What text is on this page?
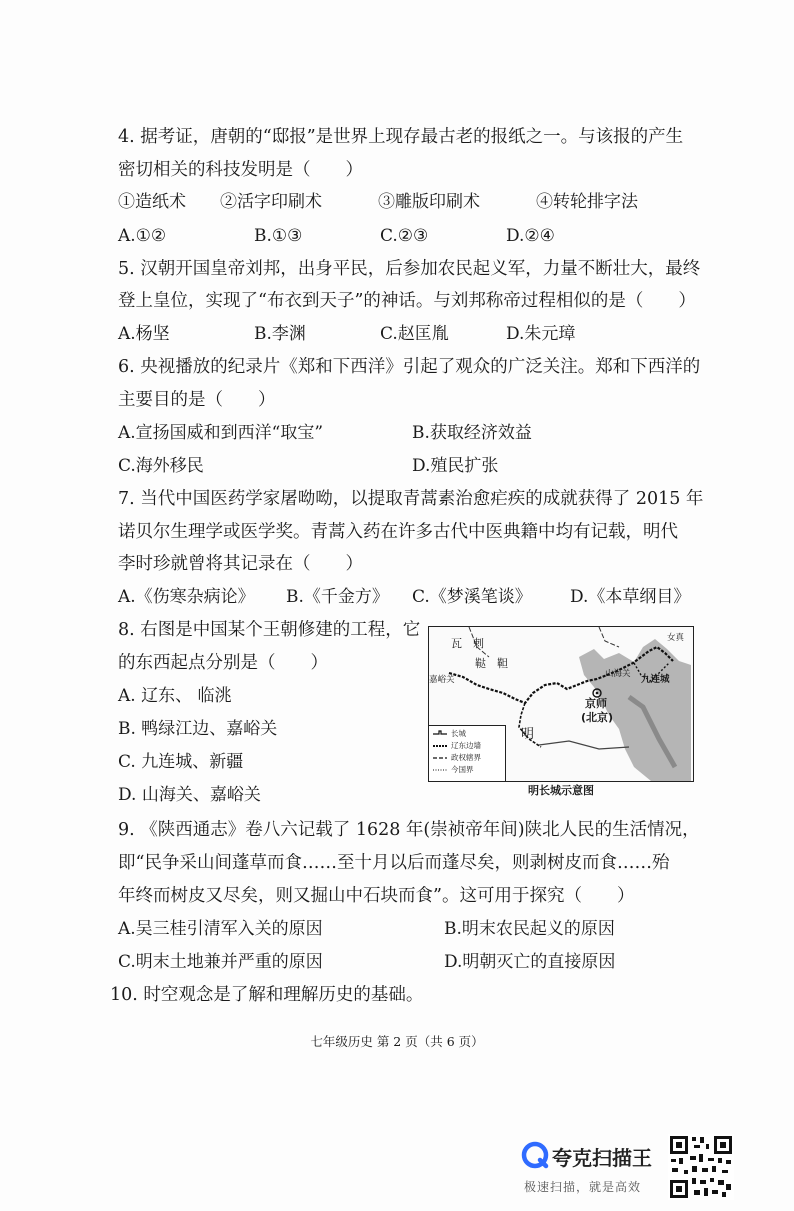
4. 据考证，唐朝的“邸报”是世界上现存最古老的报纸之一。与该报的产生
密切相关的科技发明是（　　）
①造纸术 ②活字印刷术	③雕版印刷术	④转轮排字法
A.①②	B.①③	C.②③	D.②④
5. 汉朝开国皇帝刘邦，出身平民，后参加农民起义军，力量不断壮大，最终
登上皇位，实现了“布衣到天子”的神话。与刘邦称帝过程相似的是（　　）
A.杨坚	B.李渊	C.赵匡胤	D.朱元璋
6. 央视播放的纪录片《郑和下西洋》引起了观众的广泛关注。郑和下西洋的
主要目的是（　　）
A.宣扬国威和到西洋“取宝”	B.获取经济效益
C.海外移民	D.殖民扩张
7. 当代中国医药学家屠呦呦，以提取青蒿素治愈疟疾的成就获得了 2015 年
诺贝尔生理学或医学奖。青蒿入药在许多古代中医典籍中均有记载，明代
李时珍就曾将其记录在（　　）
A.《伤寒杂病论》 B.《千金方》 C.《梦溪笔谈》 D.《本草纲目》
8. 右图是中国某个王朝修建的工程，它
的东西起点分别是（　　）
A. 辽东、 临洮
B. 鸭绿江边、嘉峪关
C. 九连城、新疆
D. 山海关、嘉峪关
瓦　剌
鞑　靼
女真
山海关 九连城
嘉峪关
京师
(北京)
明
长城
辽东边墙
政权辖界
今国界
明长城示意图
9. 《陕西通志》卷八六记载了 1628 年(崇祯帝年间)陕北人民的生活情况，
即“民争采山间蓬草而食……至十月以后而蓬尽矣，则剥树皮而食……殆
年终而树皮又尽矣，则又掘山中石块而食”。这可用于探究（　　）
A.吴三桂引清军入关的原因	B.明末农民起义的原因
C.明末土地兼并严重的原因	D.明朝灭亡的直接原因
10. 时空观念是了解和理解历史的基础。
七年级历史 第 2 页（共 6 页）
夸克扫描王
极速扫描，就是高效
